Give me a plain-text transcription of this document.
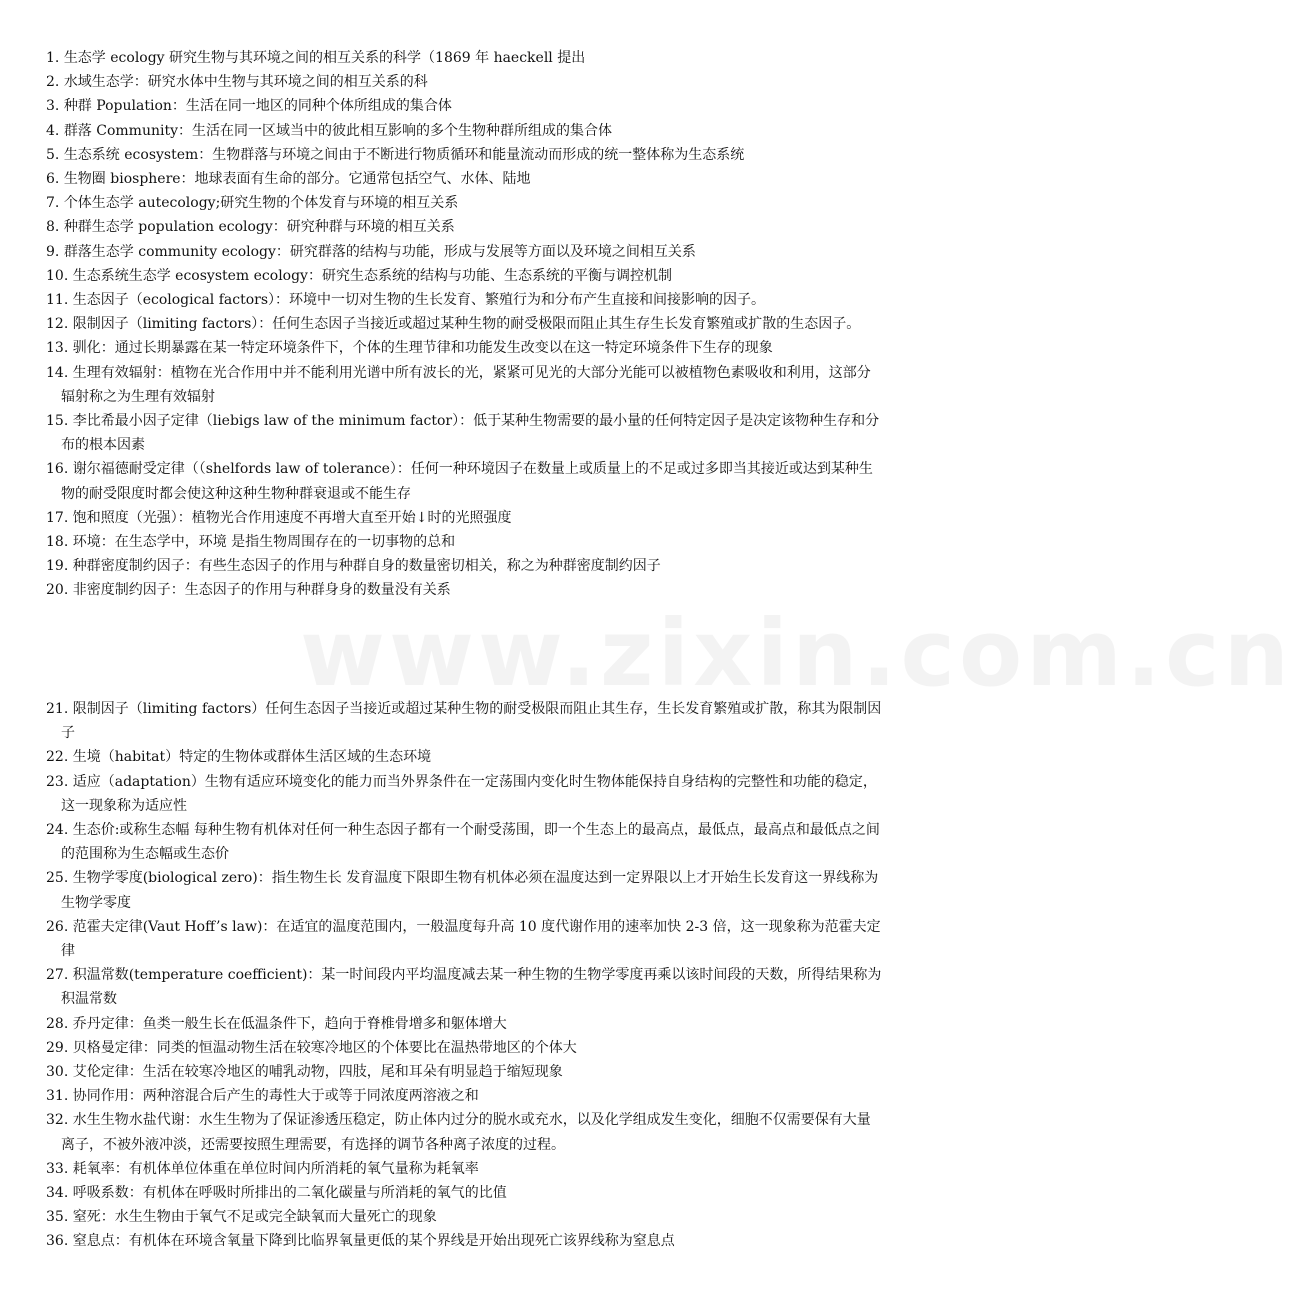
www.zixin.com.cn
1. 生态学 ecology 研究生物与其环境之间的相互关系的科学（1869 年 haeckell 提出
2. 水域生态学：研究水体中生物与其环境之间的相互关系的科
3. 种群 Population：生活在同一地区的同种个体所组成的集合体
4. 群落 Community：生活在同一区域当中的彼此相互影响的多个生物种群所组成的集合体
5. 生态系统 ecosystem：生物群落与环境之间由于不断进行物质循环和能量流动而形成的统一整体称为生态系统
6. 生物圈 biosphere：地球表面有生命的部分。它通常包括空气、水体、陆地
7. 个体生态学 autecology;研究生物的个体发育与环境的相互关系
8. 种群生态学 population ecology：研究种群与环境的相互关系
9. 群落生态学 community ecology：研究群落的结构与功能，形成与发展等方面以及环境之间相互关系
10. 生态系统生态学 ecosystem ecology：研究生态系统的结构与功能、生态系统的平衡与调控机制
11. 生态因子（ecological factors）：环境中一切对生物的生长发育、繁殖行为和分布产生直接和间接影响的因子。
12. 限制因子（limiting factors）：任何生态因子当接近或超过某种生物的耐受极限而阻止其生存生长发育繁殖或扩散的生态因子。
13. 驯化：通过长期暴露在某一特定环境条件下，个体的生理节律和功能发生改变以在这一特定环境条件下生存的现象
14. 生理有效辐射：植物在光合作用中并不能利用光谱中所有波长的光，紧紧可见光的大部分光能可以被植物色素吸收和利用，这部分辐射称之为生理有效辐射
15. 李比希最小因子定律（liebigs law of the minimum factor）：低于某种生物需要的最小量的任何特定因子是决定该物种生存和分布的根本因素
16. 谢尔福德耐受定律（（shelfords law of tolerance）：任何一种环境因子在数量上或质量上的不足或过多即当其接近或达到某种生物的耐受限度时都会使这种这种生物种群衰退或不能生存
17. 饱和照度（光强）：植物光合作用速度不再增大直至开始↓时的光照强度
18. 环境：在生态学中，环境 是指生物周围存在的一切事物的总和
19. 种群密度制约因子：有些生态因子的作用与种群自身的数量密切相关，称之为种群密度制约因子
20. 非密度制约因子：生态因子的作用与种群身身的数量没有关系
21. 限制因子（limiting factors）任何生态因子当接近或超过某种生物的耐受极限而阻止其生存，生长发育繁殖或扩散，称其为限制因子
22. 生境（habitat）特定的生物体或群体生活区域的生态环境
23. 适应（adaptation）生物有适应环境变化的能力而当外界条件在一定荡围内变化时生物体能保持自身结构的完整性和功能的稳定，这一现象称为适应性
24. 生态价:或称生态幅 每种生物有机体对任何一种生态因子都有一个耐受荡围，即一个生态上的最高点，最低点，最高点和最低点之间的范围称为生态幅或生态价
25. 生物学零度(biological zero)：指生物生长 发育温度下限即生物有机体必须在温度达到一定界限以上才开始生长发育这一界线称为生物学零度
26. 范霍夫定律(Vaut Hoff’s law)：在适宜的温度范围内，一般温度每升高 10 度代谢作用的速率加快 2-3 倍，这一现象称为范霍夫定律
27. 积温常数(temperature coefficient)：某一时间段内平均温度减去某一种生物的生物学零度再乘以该时间段的天数，所得结果称为积温常数
28. 乔丹定律：鱼类一般生长在低温条件下，趋向于脊椎骨增多和躯体增大
29. 贝格曼定律：同类的恒温动物生活在较寒冷地区的个体要比在温热带地区的个体大
30. 艾伦定律：生活在较寒冷地区的哺乳动物，四肢，尾和耳朵有明显趋于缩短现象
31. 协同作用：两种溶混合后产生的毒性大于或等于同浓度两溶液之和
32. 水生生物水盐代谢：水生生物为了保证渗透压稳定，防止体内过分的脱水或充水，以及化学组成发生变化，细胞不仅需要保有大量离子，不被外液冲淡，还需要按照生理需要，有选择的调节各种离子浓度的过程。
33. 耗氧率：有机体单位体重在单位时间内所消耗的氧气量称为耗氧率
34. 呼吸系数：有机体在呼吸时所排出的二氧化碳量与所消耗的氧气的比值
35. 窒死：水生生物由于氧气不足或完全缺氧而大量死亡的现象
36. 窒息点：有机体在环境含氧量下降到比临界氧量更低的某个界线是开始出现死亡该界线称为窒息点
